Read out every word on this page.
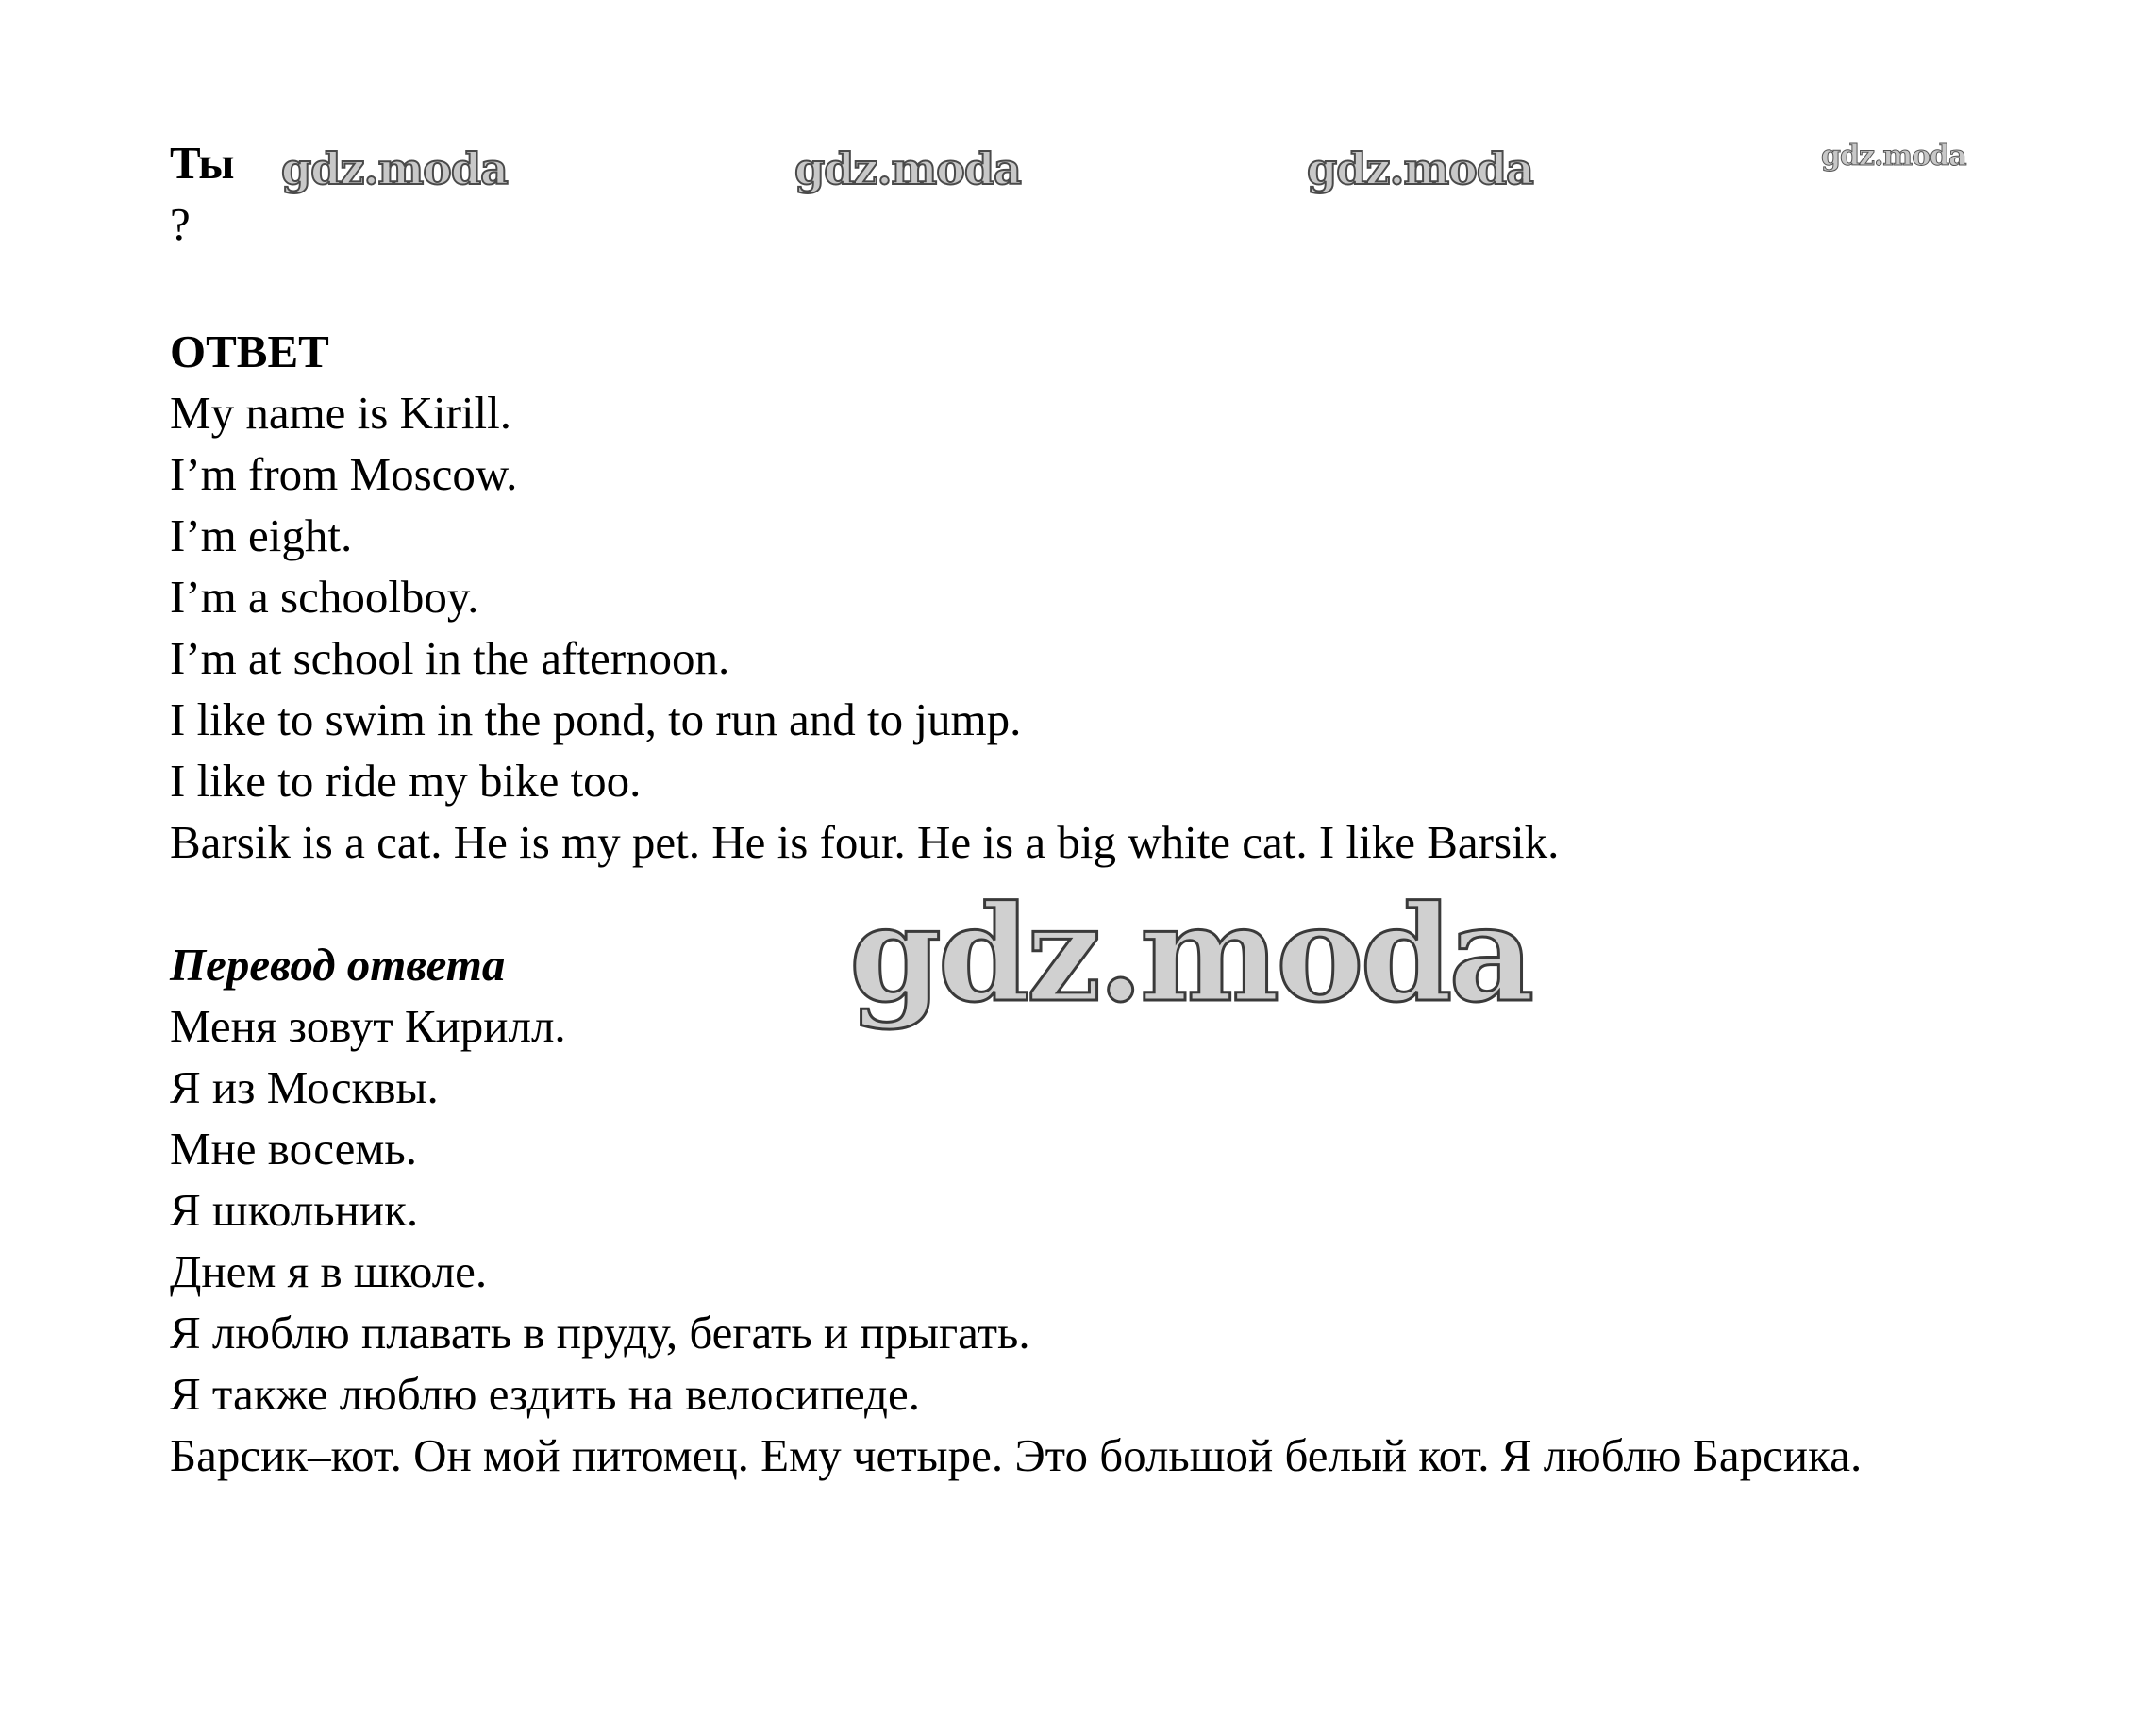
Ты
?
gdz.moda	gdz.moda	gdz.moda	gdz.moda
ОТВЕТ
My name is Kirill.
I’m from Moscow.
I’m eight.
I’m a schoolboy.
I’m at school in the afternoon.
I like to swim in the pond, to run and to jump.
I like to ride my bike too.
Barsik is a cat. He is my pet. He is four. He is a big white cat. I like Barsik.
gdz.moda
Перевод ответа
Меня зовут Кирилл.
Я из Москвы.
Мне восемь.
Я школьник.
Днем я в школе.
Я люблю плавать в пруду, бегать и прыгать.
Я также люблю ездить на велосипеде.
Барсик–кот. Он мой питомец. Ему четыре. Это большой белый кот. Я люблю Барсика.
